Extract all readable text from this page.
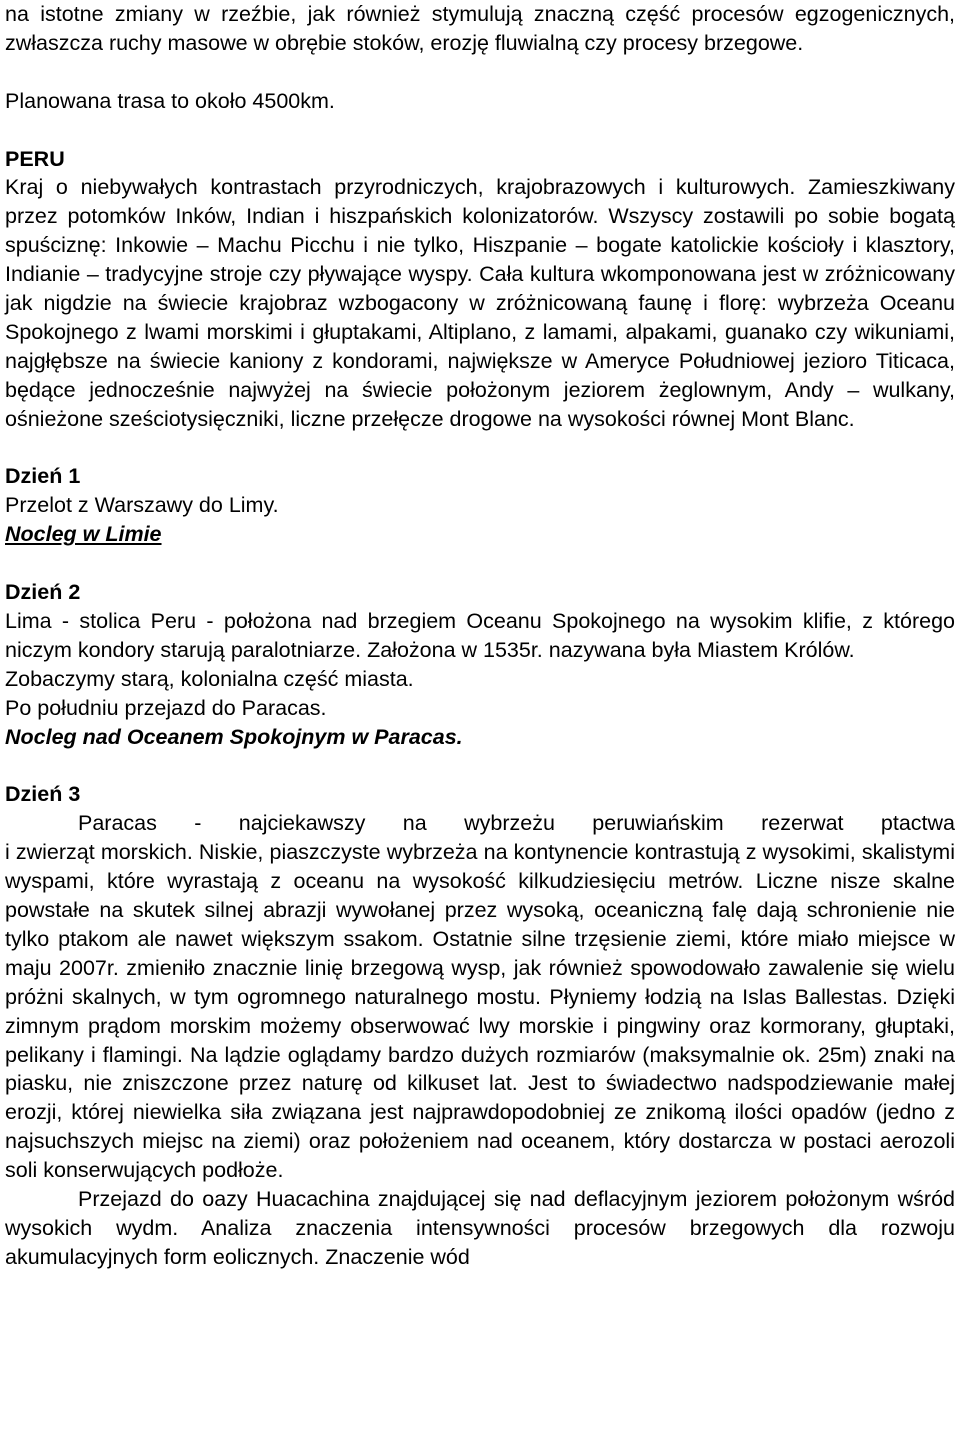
na istotne zmiany w rzeźbie, jak również stymulują znaczną część procesów egzogenicznych, zwłaszcza ruchy masowe w obrębie stoków, erozję fluwialną czy procesy brzegowe.

Planowana trasa to około 4500km.

PERU

Kraj o niebywałych kontrastach przyrodniczych, krajobrazowych i kulturowych. Zamieszkiwany przez potomków Inków, Indian i hiszpańskich kolonizatorów. Wszyscy zostawili po sobie bogatą spuściznę: Inkowie – Machu Picchu i nie tylko, Hiszpanie – bogate katolickie kościoły i klasztory, Indianie – tradycyjne stroje czy pływające wyspy. Cała kultura wkomponowana jest w zróżnicowany jak nigdzie na świecie krajobraz wzbogacony w zróżnicowaną faunę i florę: wybrzeża Oceanu Spokojnego z lwami morskimi i głuptakami, Altiplano, z lamami, alpakami, guanako czy wikuniami, najgłębsze na świecie kaniony z kondorami, największe w Ameryce Południowej jezioro Titicaca, będące jednocześnie najwyżej na świecie położonym jeziorem żeglownym, Andy – wulkany, ośnieżone sześciotysięczniki, liczne przełęcze drogowe na wysokości równej Mont Blanc.

Dzień 1

Przelot z Warszawy do Limy.

Nocleg w Limie

Dzień 2

Lima - stolica Peru - położona nad brzegiem Oceanu Spokojnego na wysokim klifie, z którego niczym kondory starują paralotniarze. Założona w 1535r. nazywana była Miastem Królów.

Zobaczymy starą, kolonialna część miasta.

Po południu przejazd do Paracas.

Nocleg nad Oceanem Spokojnym w Paracas.

Dzień 3

Paracas - najciekawszy na wybrzeżu peruwiańskim rezerwat ptactwa

i zwierząt morskich. Niskie, piaszczyste wybrzeża na kontynencie kontrastują z wysokimi, skalistymi wyspami, które wyrastają z oceanu na wysokość kilkudziesięciu metrów. Liczne nisze skalne powstałe na skutek silnej abrazji wywołanej przez wysoką, oceaniczną falę dają schronienie nie tylko ptakom ale nawet większym ssakom. Ostatnie silne trzęsienie ziemi, które miało miejsce w maju 2007r. zmieniło znacznie linię brzegową wysp, jak również spowodowało zawalenie się wielu próżni skalnych, w tym ogromnego naturalnego mostu. Płyniemy łodzią na Islas Ballestas. Dzięki zimnym prądom morskim możemy obserwować lwy morskie i pingwiny oraz kormorany, głuptaki, pelikany i flamingi. Na lądzie oglądamy bardzo dużych rozmiarów (maksymalnie ok. 25m) znaki na piasku, nie zniszczone przez naturę od kilkuset lat. Jest to świadectwo nadspodziewanie małej erozji, której niewielka siła związana jest najprawdopodobniej ze znikomą ilości opadów (jedno z najsuchszych miejsc na ziemi) oraz położeniem nad oceanem, który dostarcza w postaci aerozoli soli konserwujących podłoże.

Przejazd do oazy Huacachina znajdującej się nad deflacyjnym jeziorem położonym wśród wysokich wydm. Analiza znaczenia intensywności procesów brzegowych dla rozwoju akumulacyjnych form eolicznych. Znaczenie wód
